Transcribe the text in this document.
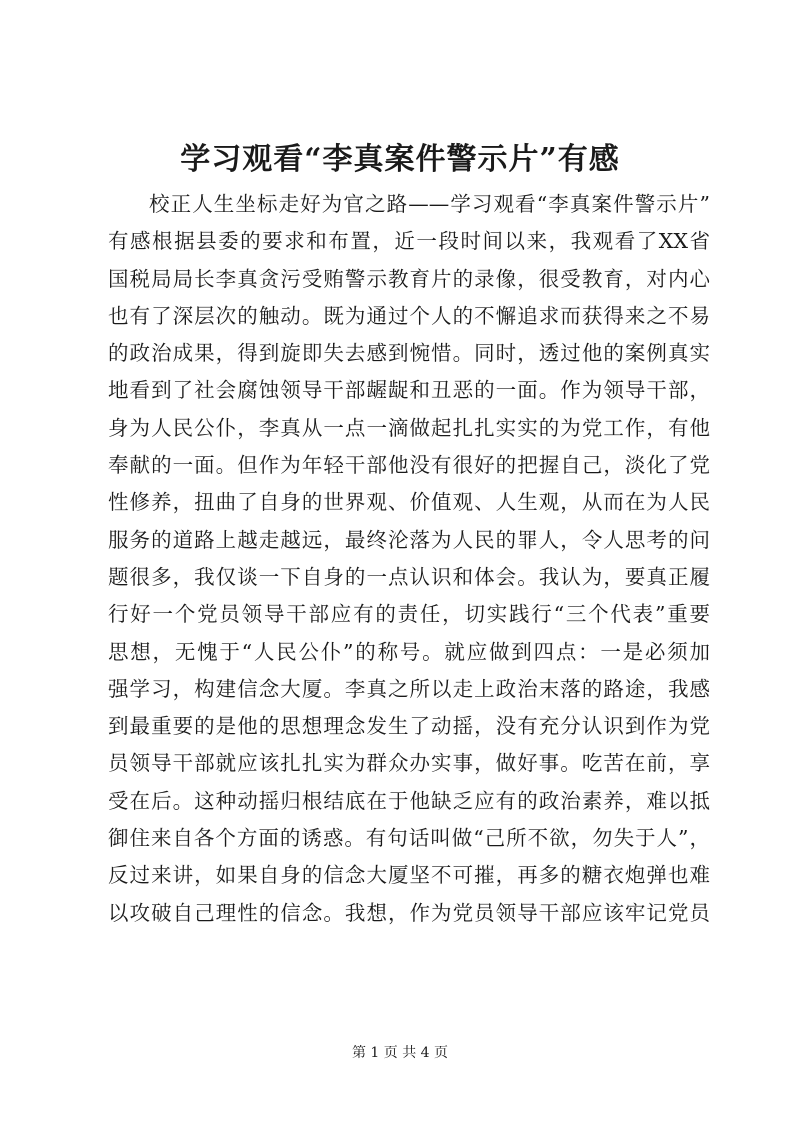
学习观看“李真案件警示片”有感
校正人生坐标走好为官之路——学习观看“李真案件警示片”
有感根据县委的要求和布置，近一段时间以来，我观看了XX省
国税局局长李真贪污受贿警示教育片的录像，很受教育，对内心
也有了深层次的触动。既为通过个人的不懈追求而获得来之不易
的政治成果，得到旋即失去感到惋惜。同时，透过他的案例真实
地看到了社会腐蚀领导干部龌龊和丑恶的一面。作为领导干部，
身为人民公仆，李真从一点一滴做起扎扎实实的为党工作，有他
奉献的一面。但作为年轻干部他没有很好的把握自己，淡化了党
性修养，扭曲了自身的世界观、价值观、人生观，从而在为人民
服务的道路上越走越远，最终沦落为人民的罪人，令人思考的问
题很多，我仅谈一下自身的一点认识和体会。我认为，要真正履
行好一个党员领导干部应有的责任，切实践行“三个代表”重要
思想，无愧于“人民公仆”的称号。就应做到四点：一是必须加
强学习，构建信念大厦。李真之所以走上政治末落的路途，我感
到最重要的是他的思想理念发生了动摇，没有充分认识到作为党
员领导干部就应该扎扎实为群众办实事，做好事。吃苦在前，享
受在后。这种动摇归根结底在于他缺乏应有的政治素养，难以抵
御住来自各个方面的诱惑。有句话叫做“己所不欲，勿失于人”，
反过来讲，如果自身的信念大厦坚不可摧，再多的糖衣炮弹也难
以攻破自己理性的信念。我想，作为党员领导干部应该牢记党员
第 1 页 共 4 页
